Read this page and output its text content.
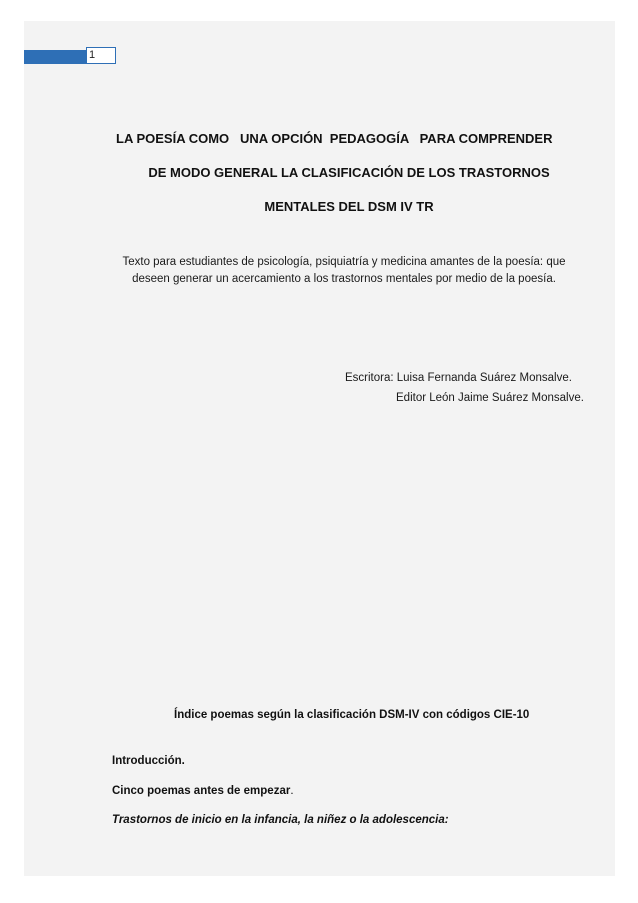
1
LA POESÍA COMO   UNA OPCIÓN  PEDAGOGÍA   PARA COMPRENDER
DE MODO GENERAL LA CLASIFICACIÓN DE LOS TRASTORNOS
MENTALES DEL DSM IV TR
Texto para estudiantes de psicología, psiquiatría y medicina amantes de la poesía: que deseen generar un acercamiento a los trastornos mentales por medio de la poesía.
Escritora: Luisa Fernanda Suárez Monsalve.
Editor León Jaime Suárez Monsalve.
Índice poemas según la clasificación DSM-IV con códigos CIE-10
Introducción.
Cinco poemas antes de empezar.
Trastornos de inicio en la infancia, la niñez o la adolescencia:
